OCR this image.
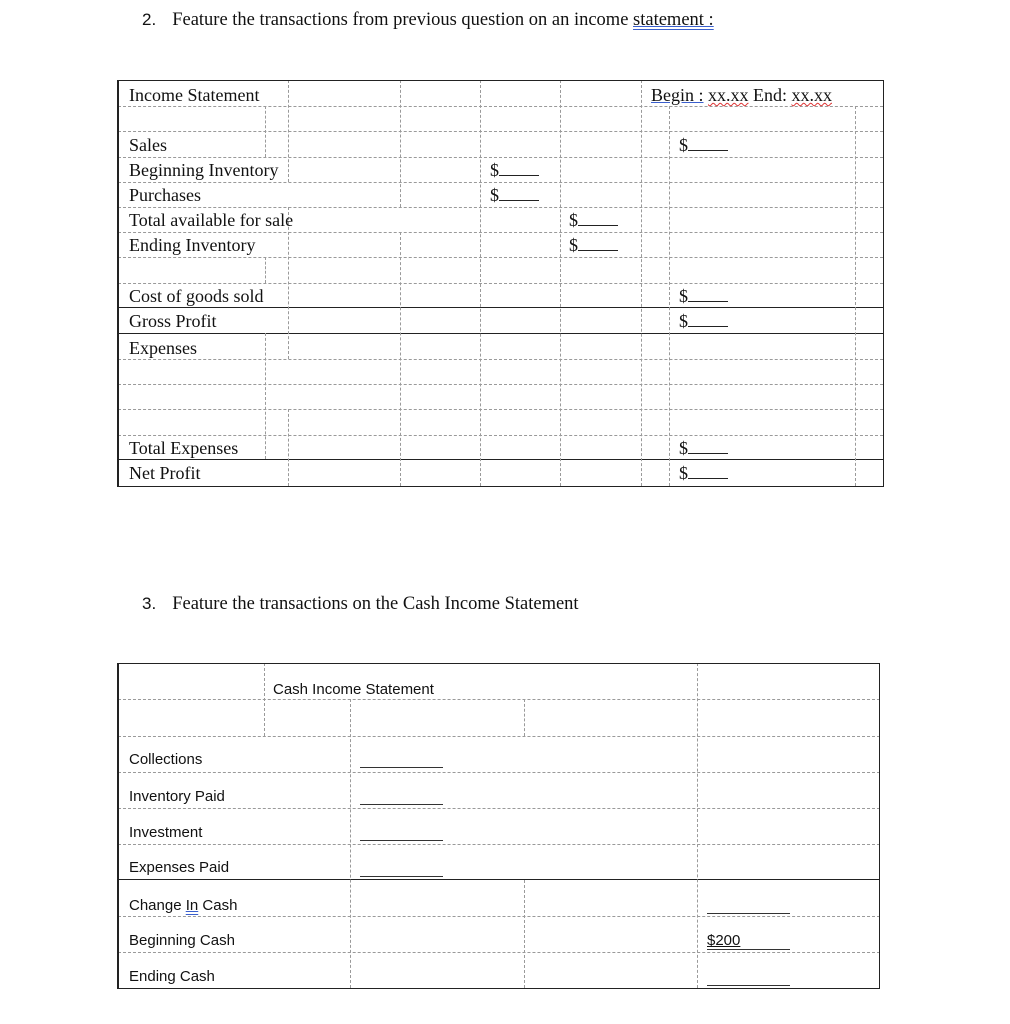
2. Feature the transactions from previous question on an income statement :
Income Statement	Begin : xx.xx End: xx.xx
Sales
Beginning Inventory
Purchases
Total available for sale
Ending Inventory
Cost of goods sold
Gross Profit
Expenses
Total Expenses
Net Profit
$
$
$
$
$
$
$
$
$
3. Feature the transactions on the Cash Income Statement
Cash Income Statement
Collections
Inventory Paid
Investment
Expenses Paid
Change In Cash
Beginning Cash
Ending Cash
$200
